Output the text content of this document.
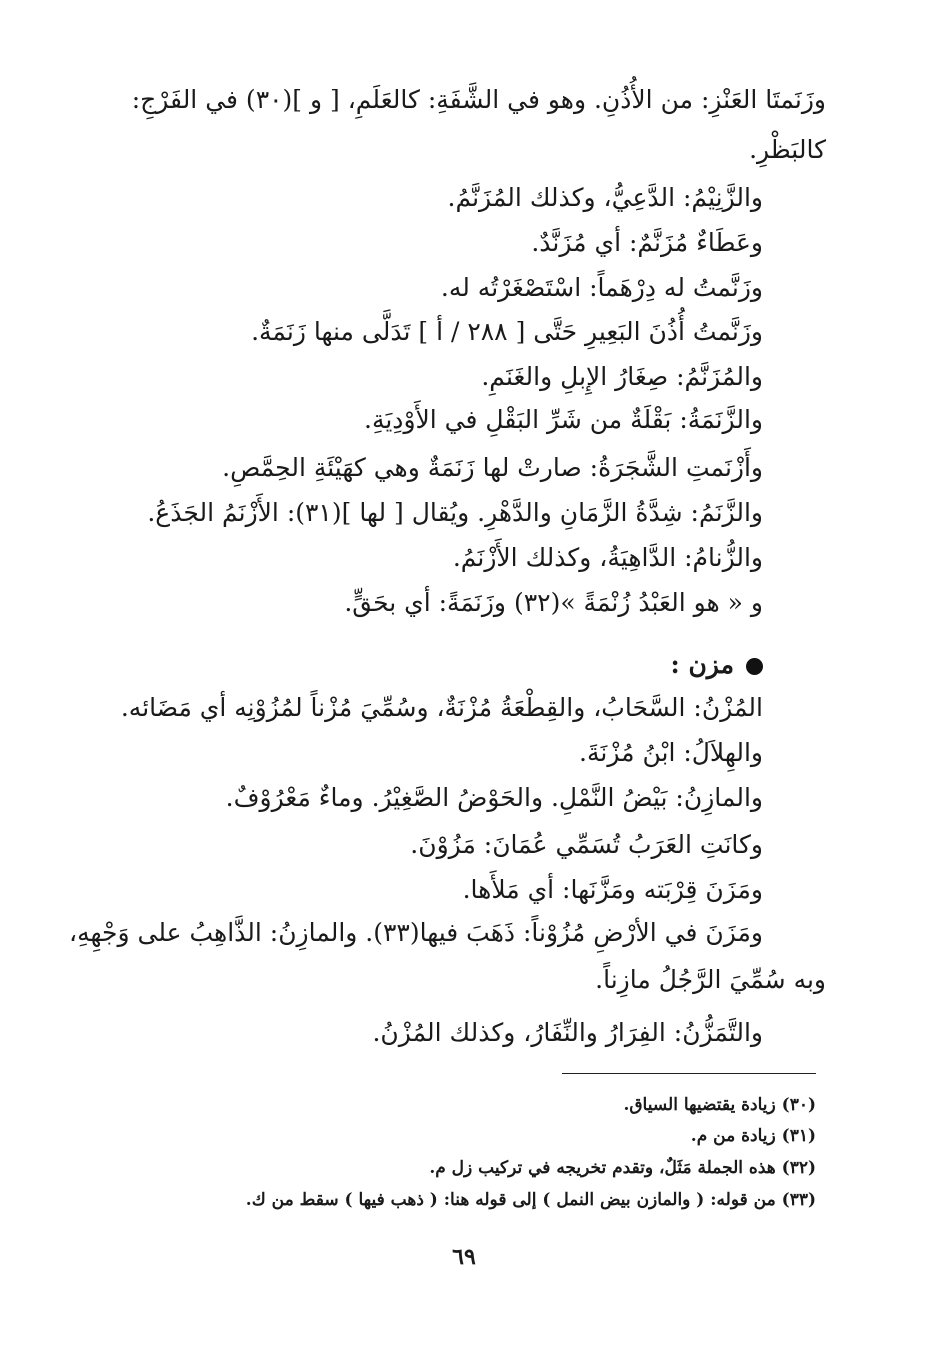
وزَنَمتَا العَنْزِ: من الأُذُنِ. وهو في الشَّفَةِ: كالعَلَمِ، [ و ](٣٠) في الفَرْجِ:
كالبَظْرِ.
والزَّنِيْمُ: الدَّعِيُّ، وكذلك المُزَنَّمُ.
وعَطَاءٌ مُزَنَّمٌ: أي مُزَنَّدٌ.
وزَنَّمتُ له دِرْهَماً: اسْتَصْغَرْتُه له.
وزَنَّمتُ أُذُنَ البَعِيرِ حَتَّى [ ٢٨٨ / أ ] تَدَلَّى منها زَنَمَةٌ.
والمُزَنَّمُ: صِغَارُ الإِبلِ والغَنَمِ.
والزَّنَمَةُ: بَقْلَةٌ من شَرِّ البَقْلِ في الأَوْدِيَةِ.
وأَزْنَمتِ الشَّجَرَةُ: صارتْ لها زَنَمَةٌ وهي كهَيْئَةِ الحِمَّصِ.
والزَّنَمُ: شِدَّةُ الزَّمَانِ والدَّهْرِ. ويُقال [ لها ](٣١): الأَزْنَمُ الجَذَعُ.
والزُّنامُ: الدَّاهِيَةُ، وكذلك الأَزْنَمُ.
و « هو العَبْدُ زُنْمَةً »(٣٢) وزَنَمَةً: أي بحَقٍّ.
مزن :
المُزْنُ: السَّحَابُ، والقِطْعَةُ مُزْنَةٌ، وسُمِّيَ مُزْناً لمُزُوْنِه أي مَضَائه.
والهِلاَلُ: ابْنُ مُزْنَةَ.
والمازِنُ: بَيْضُ النَّمْلِ. والحَوْضُ الصَّغِيْرُ. وماءٌ مَعْرُوْفٌ.
وكانَتِ العَرَبُ تُسَمِّي عُمَانَ: مَزُوْنَ.
ومَزَنَ قِرْبَته ومَزَّنَها: أي مَلأَها.
ومَزَنَ في الأرْضِ مُزُوْناً: ذَهَبَ فيها(٣٣). والمازِنُ: الذَّاهِبُ على وَجْهِهِ،
وبه سُمِّيَ الرَّجُلُ مازِناً.
والتَّمَزُّنُ: الفِرَارُ والنِّفَارُ، وكذلك المُزْنُ.
(٣٠) زيادة يقتضيها السياق.
(٣١) زيادة من م.
(٣٢) هذه الجملة مَثَلٌ، وتقدم تخريجه في تركيب زل م.
(٣٣) من قوله: ( والمازن بيض النمل ) إلى قوله هنا: ( ذهب فيها ) سقط من ك.
٦٩
